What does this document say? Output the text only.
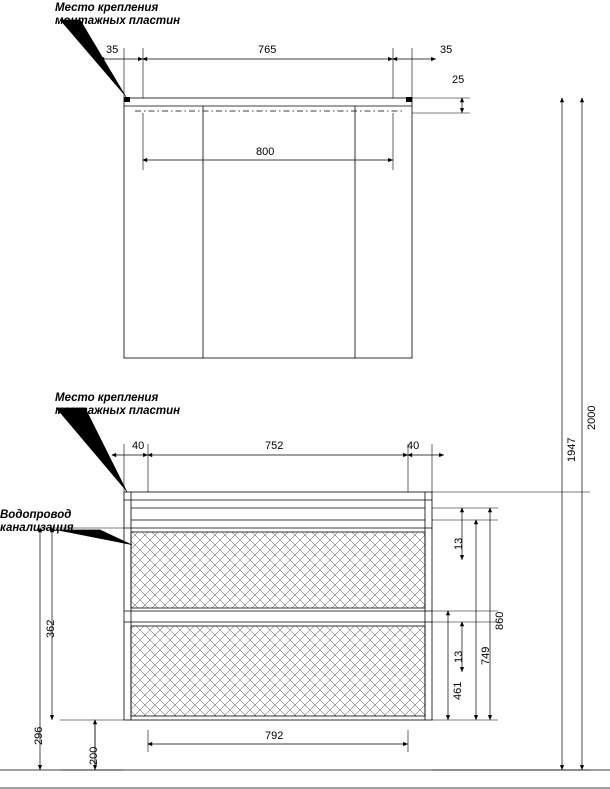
Место крепления
монтажных пластин
Место крепления
монтажных пластин
Водопровод
канализация
35	765	35
25
800
2000
1947
40	752	40
13
13
860
749
461
362
296
200
792
